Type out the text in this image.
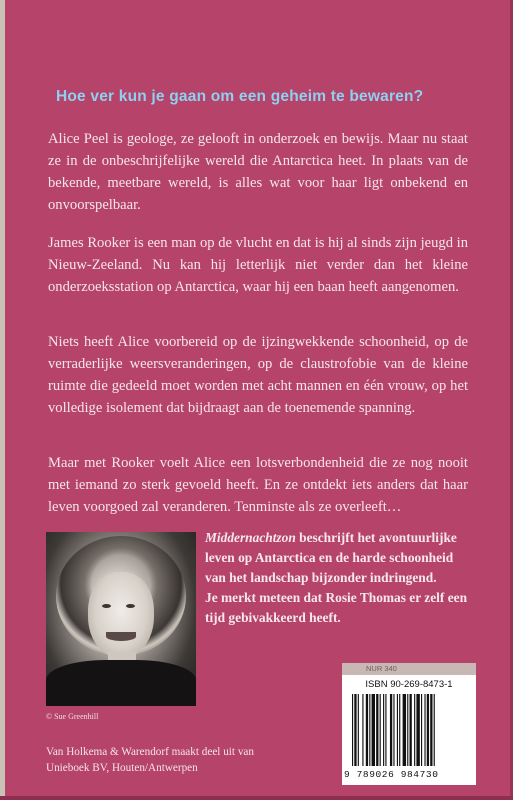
Hoe ver kun je gaan om een geheim te bewaren?

Alice Peel is geologe, ze gelooft in onderzoek en bewijs. Maar nu staat ze in de onbeschrijfelijke wereld die Antarctica heet. In plaats van de bekende, meetbare wereld, is alles wat voor haar ligt onbekend en onvoorspelbaar.

James Rooker is een man op de vlucht en dat is hij al sinds zijn jeugd in Nieuw-Zeeland. Nu kan hij letterlijk niet verder dan het kleine onderzoeksstation op Antarctica, waar hij een baan heeft aangenomen.

Niets heeft Alice voorbereid op de ijzingwekkende schoonheid, op de verraderlijke weersveranderingen, op de claustrofobie van de kleine ruimte die gedeeld moet worden met acht mannen en één vrouw, op het volledige isolement dat bijdraagt aan de toenemende spanning.

Maar met Rooker voelt Alice een lotsverbondenheid die ze nog nooit met iemand zo sterk gevoeld heeft. En ze ontdekt iets anders dat haar leven voorgoed zal veranderen. Tenminste als ze overleeft…

© Sue Greenhill

Middernachtzon beschrijft het avontuurlijke leven op Antarctica en de harde schoonheid van het landschap bijzonder indringend.
Je merkt meteen dat Rosie Thomas er zelf een tijd gebivakkeerd heeft.

Van Holkema & Warendorf maakt deel uit van
Unieboek BV, Houten/Antwerpen

NUR 340
ISBN 90-269-8473-1
9 789026 984730
